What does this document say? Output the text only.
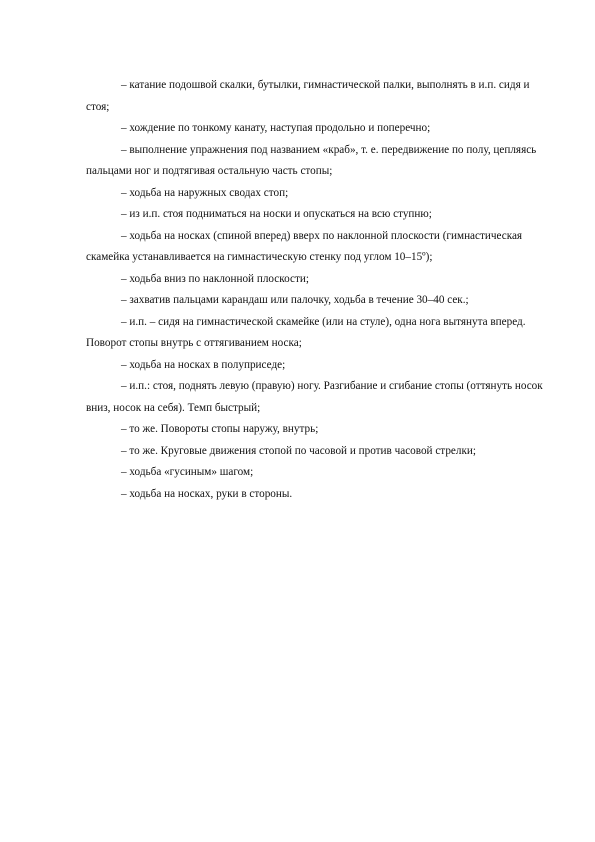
– катание подошвой скалки, бутылки, гимнастической палки, выполнять в и.п. сидя и стоя;

– хождение по тонкому канату, наступая продольно и поперечно;

– выполнение упражнения под названием «краб», т. е. передвижение по полу, цепляясь пальцами ног и подтягивая остальную часть стопы;

– ходьба на наружных сводах стоп;

– из и.п. стоя подниматься на носки и опускаться на всю ступню;

– ходьба на носках (спиной вперед) вверх по наклонной плоскости (гимнастическая скамейка устанавливается на гимнастическую стенку под углом 10–15º);

– ходьба вниз по наклонной плоскости;

– захватив пальцами карандаш или палочку, ходьба в течение 30–40 сек.;

– и.п. – сидя на гимнастической скамейке (или на стуле), одна нога вытянута вперед. Поворот стопы внутрь с оттягиванием носка;

– ходьба на носках в полуприседе;

– и.п.: стоя, поднять левую (правую) ногу. Разгибание и сгибание стопы (оттянуть носок вниз, носок на себя). Темп быстрый;

– то же. Повороты стопы наружу, внутрь;

– то же. Круговые движения стопой по часовой и против часовой стрелки;

– ходьба «гусиным» шагом;

– ходьба на носках, руки в стороны.
